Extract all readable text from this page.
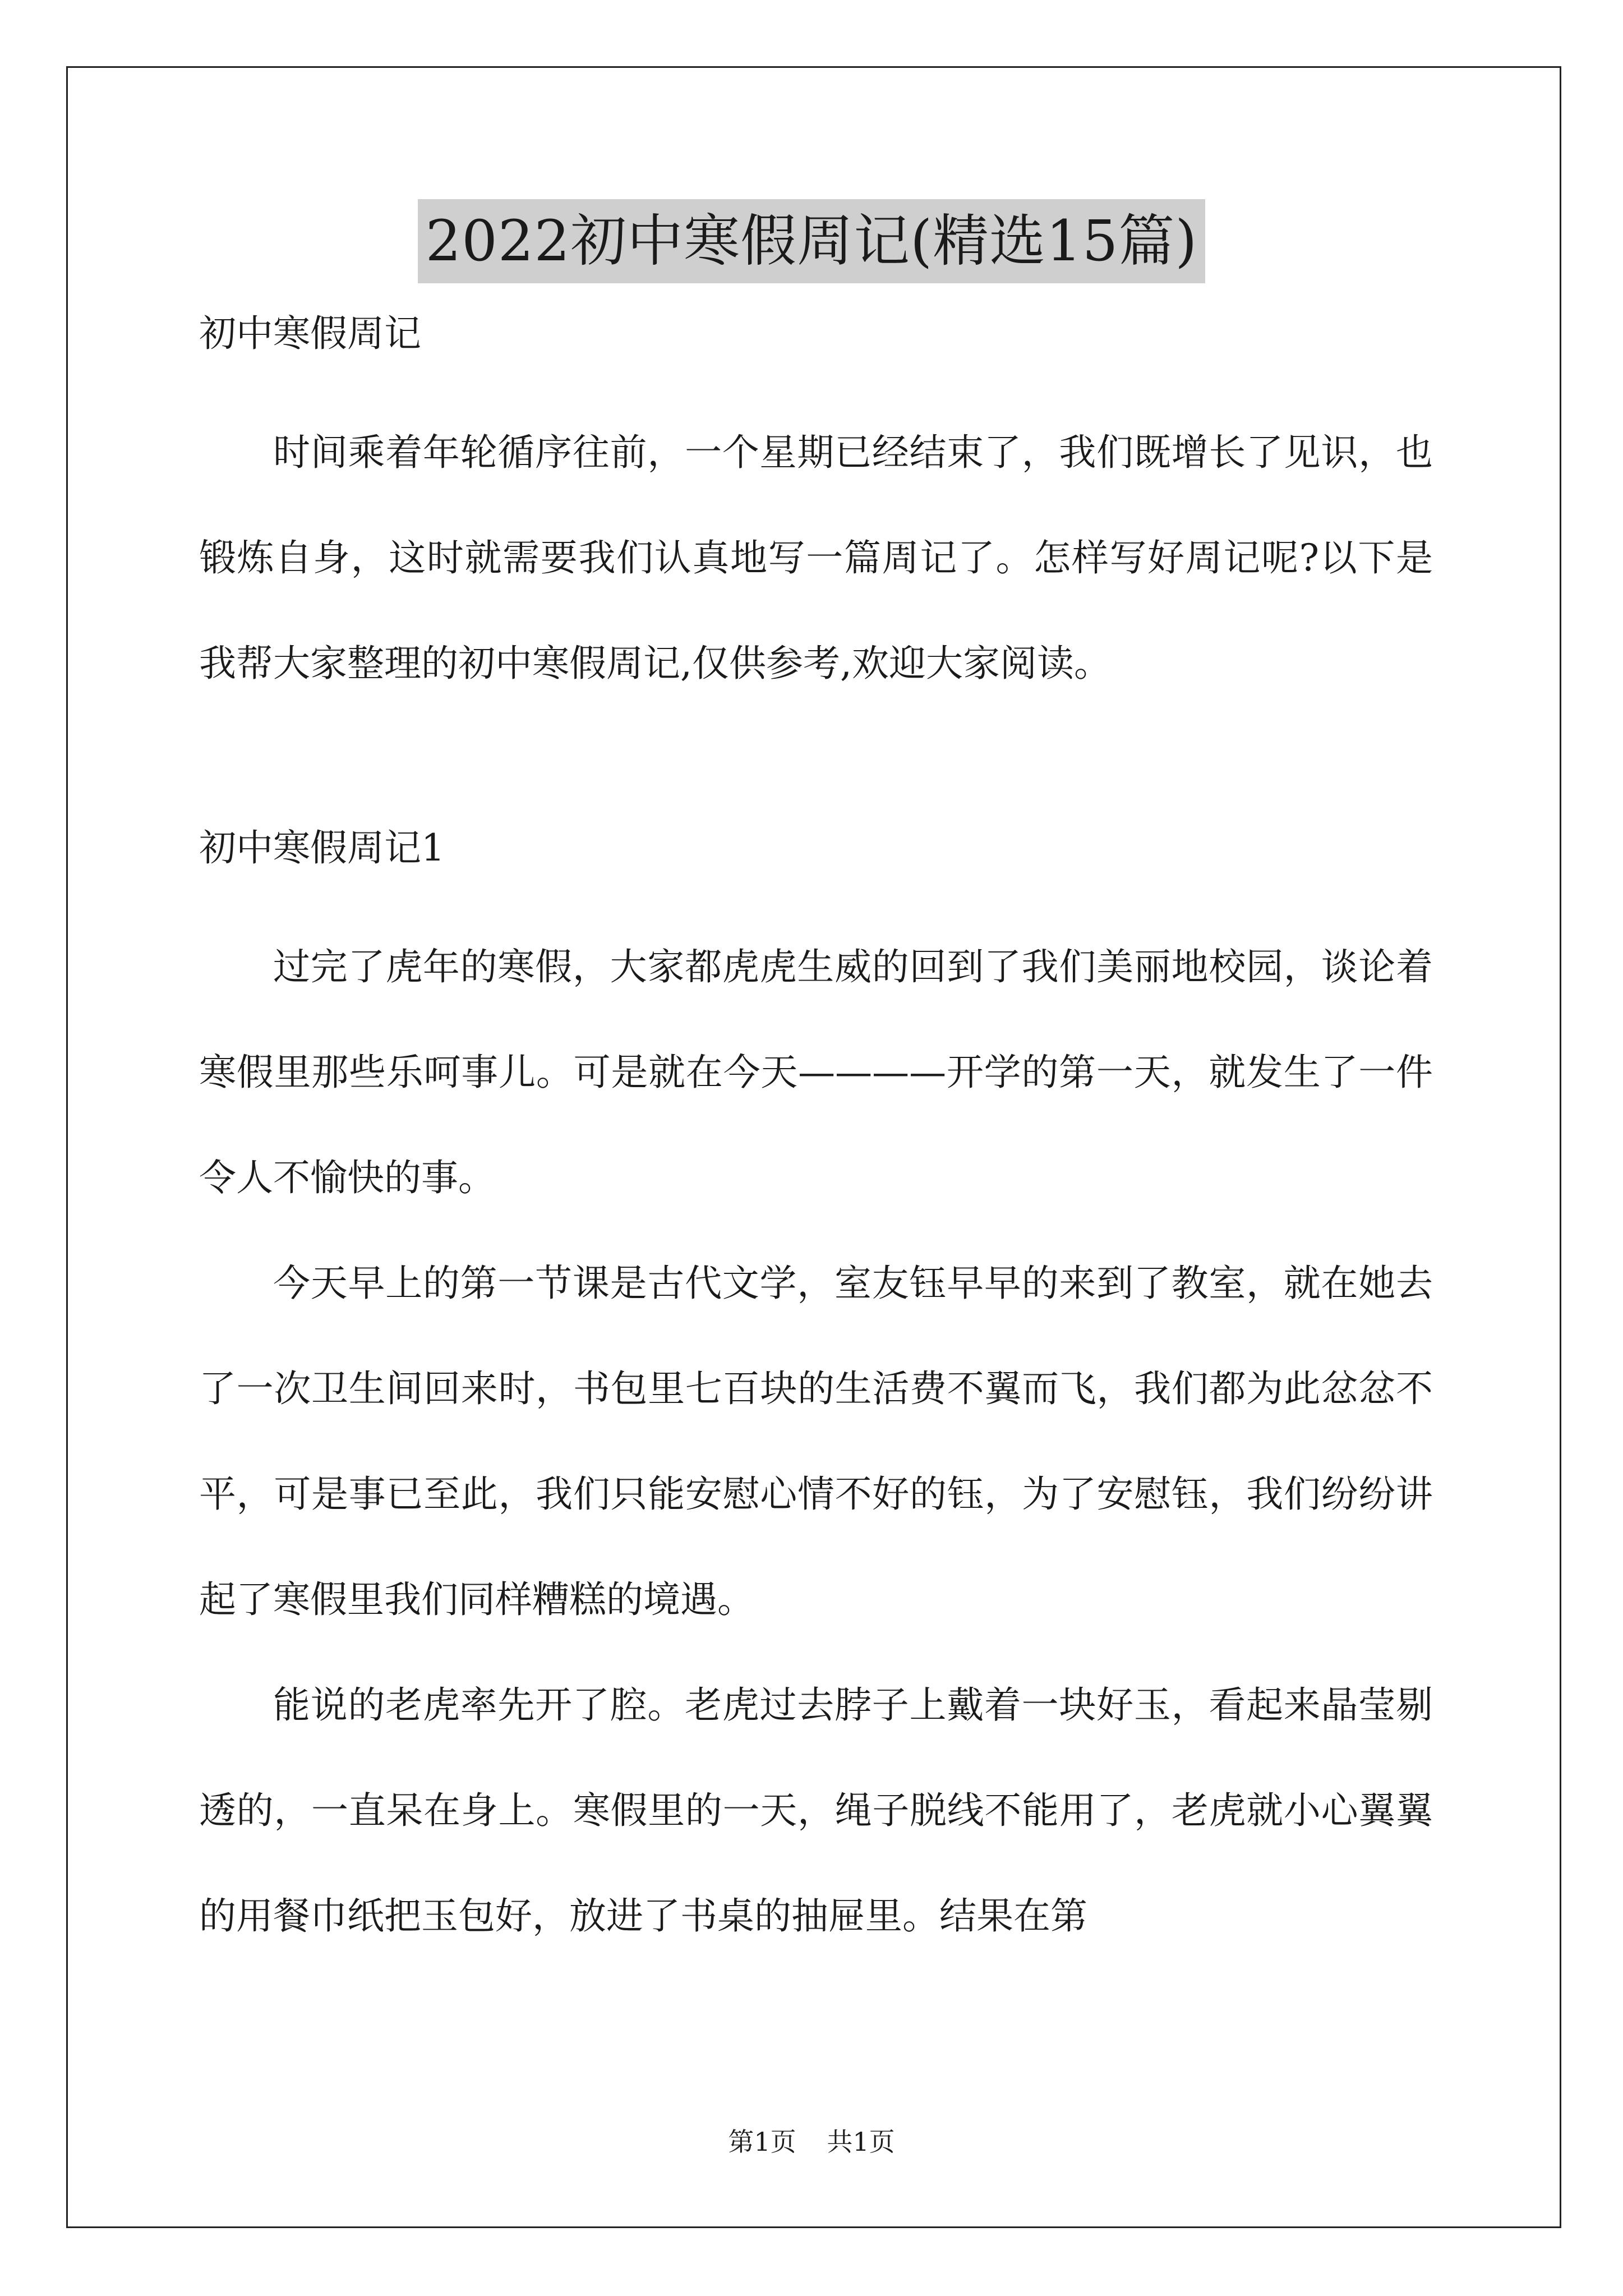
2022初中寒假周记(精选15篇)
初中寒假周记
时间乘着年轮循序往前，一个星期已经结束了，我们既增长了见识，也锻炼自身，这时就需要我们认真地写一篇周记了。怎样写好周记呢?以下是我帮大家整理的初中寒假周记,仅供参考,欢迎大家阅读。
初中寒假周记1
过完了虎年的寒假，大家都虎虎生威的回到了我们美丽地校园，谈论着寒假里那些乐呵事儿。可是就在今天————开学的第一天，就发生了一件令人不愉快的事。
今天早上的第一节课是古代文学，室友钰早早的来到了教室，就在她去了一次卫生间回来时，书包里七百块的生活费不翼而飞，我们都为此忿忿不平，可是事已至此，我们只能安慰心情不好的钰，为了安慰钰，我们纷纷讲起了寒假里我们同样糟糕的境遇。
能说的老虎率先开了腔。老虎过去脖子上戴着一块好玉，看起来晶莹剔透的，一直呆在身上。寒假里的一天，绳子脱线不能用了，老虎就小心翼翼的用餐巾纸把玉包好，放进了书桌的抽屉里。结果在第
第1页 共1页
